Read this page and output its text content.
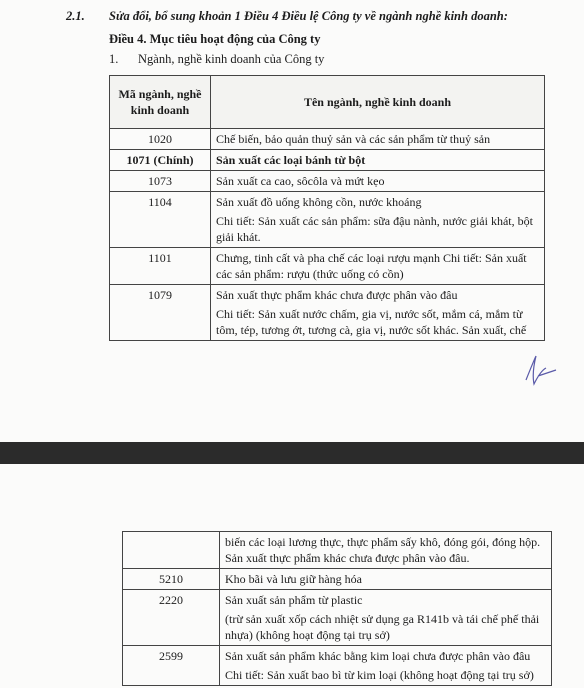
2.1. Sửa đổi, bổ sung khoản 1 Điều 4 Điều lệ Công ty về ngành nghề kinh doanh:
Điều 4. Mục tiêu hoạt động của Công ty
1. Ngành, nghề kinh doanh của Công ty
Mã ngành, nghề kinh doanh	Tên ngành, nghề kinh doanh
1020	Chế biến, bảo quản thuỷ sản và các sản phẩm từ thuỷ sản
1071 (Chính)	Sản xuất các loại bánh từ bột
1073	Sản xuất ca cao, sôcôla và mứt kẹo
1104	Sản xuất đồ uống không cồn, nước khoáng
Chi tiết: Sản xuất các sản phẩm: sữa đậu nành, nước giải khát, bột giải khát.

1101	Chưng, tinh cất và pha chế các loại rượu mạnh Chi tiết: Sản xuất các sản phẩm: rượu (thức uống có cồn)
1079	Sản xuất thực phẩm khác chưa được phân vào đâu
Chi tiết: Sản xuất nước chấm, gia vị, nước sốt, mắm cá, mắm từ tôm, tép, tương ớt, tương cà, gia vị, nước sốt khác. Sản xuất, chế
	biến các loại lương thực, thực phẩm sấy khô, đóng gói, đóng hộp. Sản xuất thực phẩm khác chưa được phân vào đâu.
5210	Kho bãi và lưu giữ hàng hóa
2220	Sản xuất sản phẩm từ plastic
(trừ sản xuất xốp cách nhiệt sử dụng ga R141b và tái chế phế thải nhựa) (không hoạt động tại trụ sở)

2599	Sản xuất sản phẩm khác bằng kim loại chưa được phân vào đâu
Chi tiết: Sản xuất bao bì từ kim loại (không hoạt động tại trụ sở)
